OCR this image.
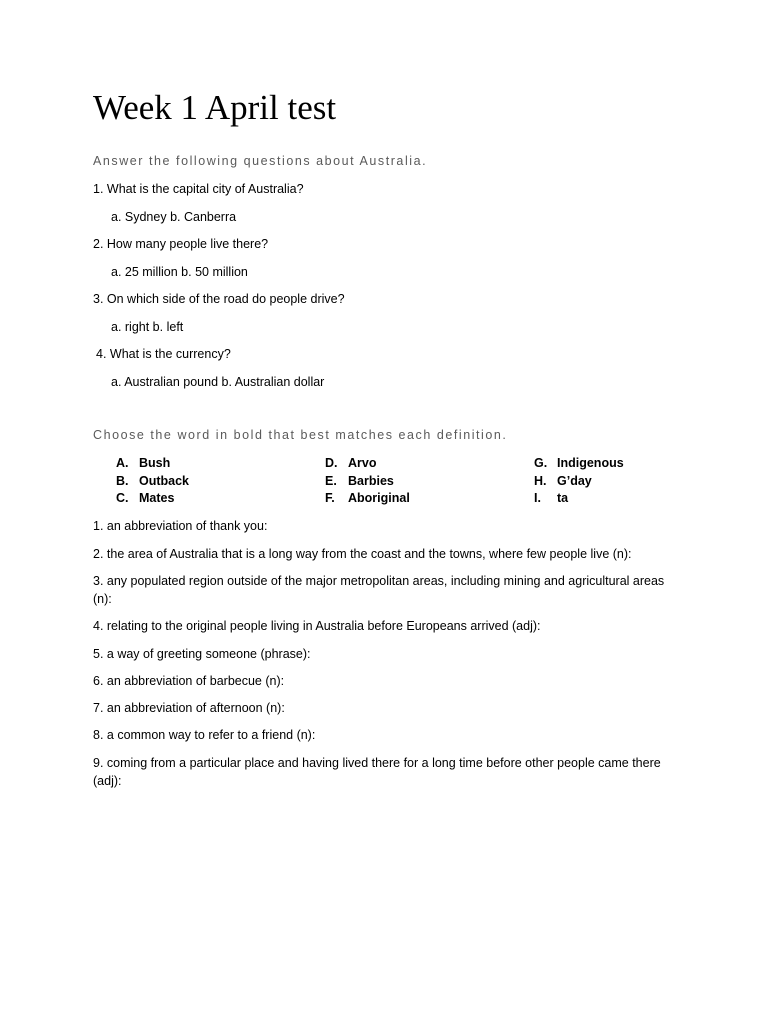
Week 1 April test

Answer the following questions about Australia.

1. What is the capital city of Australia?

a. Sydney b. Canberra

2. How many people live there?

a. 25 million b. 50 million

3. On which side of the road do people drive?

a. right b. left

4. What is the currency?

a. Australian pound b. Australian dollar

Choose the word in bold that best matches each definition.

A. Bush
B. Outback
C. Mates
D. Arvo
E. Barbies
F. Aboriginal
G. Indigenous
H. G’day
I. ta

1. an abbreviation of thank you:

2. the area of Australia that is a long way from the coast and the towns, where few people live (n):

3. any populated region outside of the major metropolitan areas, including mining and agricultural areas (n):

4. relating to the original people living in Australia before Europeans arrived (adj):

5. a way of greeting someone (phrase):

6. an abbreviation of barbecue (n):

7. an abbreviation of afternoon (n):

8. a common way to refer to a friend (n):

9. coming from a particular place and having lived there for a long time before other people came there (adj):
